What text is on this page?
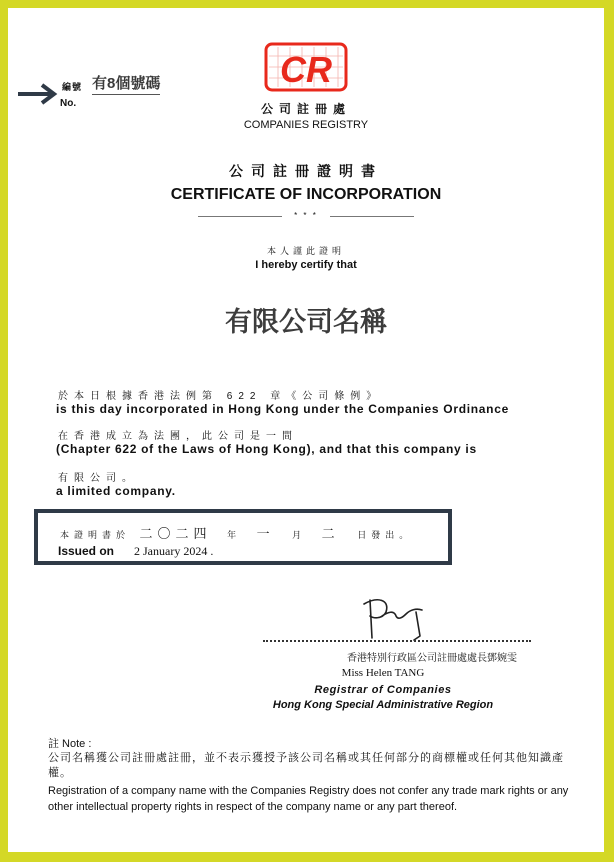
編號
No.
有8個號碼	CR
公司註冊處
COMPANIES REGISTRY
公司註冊證明書
CERTIFICATE OF INCORPORATION
* * *
本人謹此證明
I hereby certify that
有限公司名稱
於本日根據香港法例第 622 章《公司條例》
is this day incorporated in Hong Kong under the Companies Ordinance
在香港成立為法團，此公司是一間
(Chapter 622 of the Laws of Hong Kong), and that this company is
有限公司。
a limited company.
本證明書於 二〇二四 年 一 月 二 日發出。
Issued on 2 January 2024 .
香港特別行政區公司註冊處處長鄧婉雯
Miss Helen TANG
Registrar of Companies
Hong Kong Special Administrative Region
註 Note :
公司名稱獲公司註冊處註冊，並不表示獲授予該公司名稱或其任何部分的商標權或任何其他知識產權。
Registration of a company name with the Companies Registry does not confer any trade mark rights or any other intellectual property rights in respect of the company name or any part thereof.
